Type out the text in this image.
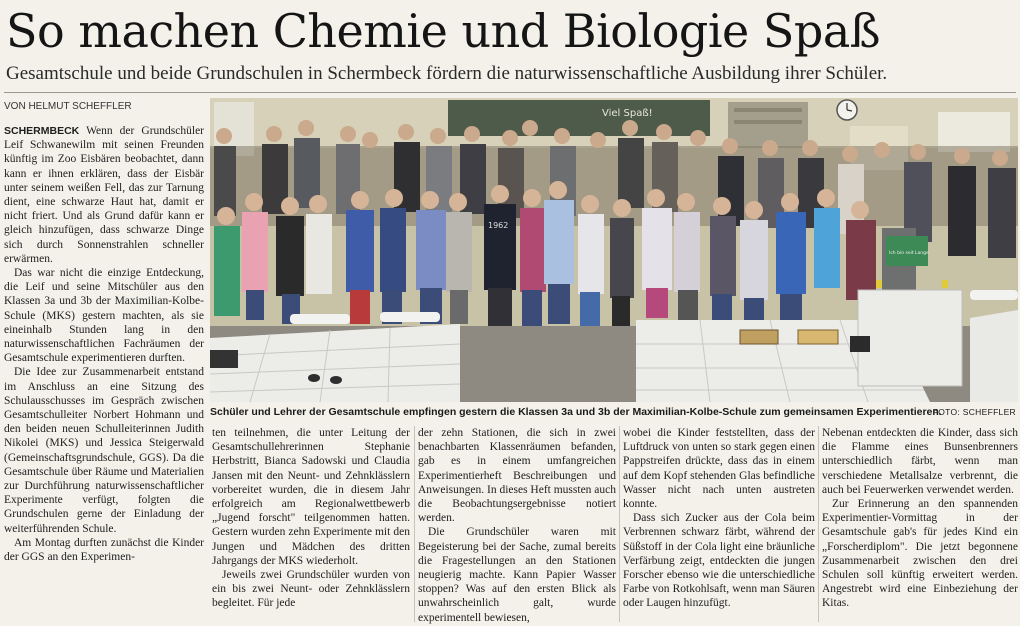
So machen Chemie und Biologie Spaß
Gesamtschule und beide Grundschulen in Schermbeck fördern die naturwissenschaftliche Ausbildung ihrer Schüler.
VON HELMUT SCHEFFLER
Viel Spaß!
1962
Ich bin seit Lange
Schüler und Lehrer der Gesamtschule empfingen gestern die Klassen 3a und 3b der Maximilian-Kolbe-Schule zum gemeinsamen Experimentieren.
FOTO: SCHEFFLER

SCHERMBECK Wenn der Grundschüler Leif Schwanewilm mit seinen Freunden künftig im Zoo Eisbären beobachtet, dann kann er ihnen erklären, dass der Eisbär unter seinem weißen Fell, das zur Tarnung dient, eine schwarze Haut hat, damit er nicht friert. Und als Grund dafür kann er gleich hinzufügen, dass schwarze Dinge sich durch Sonnenstrahlen schneller erwärmen.

Das war nicht die einzige Entdeckung, die Leif und seine Mitschüler aus den Klassen 3a und 3b der Maximilian-Kolbe-Schule (MKS) gestern machten, als sie eineinhalb Stunden lang in den naturwissenschaftlichen Fachräumen der Gesamtschule experimentieren durften.

Die Idee zur Zusammenarbeit entstand im Anschluss an eine Sitzung des Schulausschusses im Gespräch zwischen Gesamtschulleiter Norbert Hohmann und den beiden neuen Schulleiterinnen Judith Nikolei (MKS) und Jessica Steigerwald (Gemeinschaftsgrundschule, GGS). Da die Gesamtschule über Räume und Materialien zur Durchführung naturwissenschaftlicher Experimente verfügt, folgten die Grundschulen gerne der Einladung der weiterführenden Schule.

Am Montag durften zunächst die Kinder der GGS an den Experimen-

ten teilnehmen, die unter Leitung der Gesamtschullehrerinnen Stephanie Herbstritt, Bianca Sadowski und Claudia Jansen mit den Neunt- und Zehnklässlern vorbereitet wurden, die in diesem Jahr erfolgreich am Regionalwettbewerb „Jugend forscht" teilgenommen hatten. Gestern wurden zehn Experimente mit den Jungen und Mädchen des dritten Jahrgangs der MKS wiederholt.

Jeweils zwei Grundschüler wurden von ein bis zwei Neunt- oder Zehnklässlern begleitet. Für jede

der zehn Stationen, die sich in zwei benachbarten Klassenräumen befanden, gab es in einem umfangreichen Experimentierheft Beschreibungen und Anweisungen. In dieses Heft mussten auch die Beobachtungsergebnisse notiert werden.

Die Grundschüler waren mit Begeisterung bei der Sache, zumal bereits die Fragestellungen an den Stationen neugierig machte. Kann Papier Wasser stoppen? Was auf den ersten Blick als unwahrscheinlich galt, wurde experimentell bewiesen,

wobei die Kinder feststellten, dass der Luftdruck von unten so stark gegen einen Pappstreifen drückte, dass das in einem auf dem Kopf stehenden Glas befindliche Wasser nicht nach unten austreten konnte.

Dass sich Zucker aus der Cola beim Verbrennen schwarz färbt, während der Süßstoff in der Cola light eine bräunliche Verfärbung zeigt, entdeckten die jungen Forscher ebenso wie die unterschiedliche Farbe von Rotkohlsaft, wenn man Säuren oder Laugen hinzufügt.

Nebenan entdeckten die Kinder, dass sich die Flamme eines Bunsenbrenners unterschiedlich färbt, wenn man verschiedene Metallsalze verbrennt, die auch bei Feuerwerken verwendet werden.

Zur Erinnerung an den spannenden Experimentier-Vormittag in der Gesamtschule gab's für jedes Kind ein „Forscherdiplom". Die jetzt begonnene Zusammenarbeit zwischen den drei Schulen soll künftig erweitert werden. Angestrebt wird eine Einbeziehung der Kitas.
